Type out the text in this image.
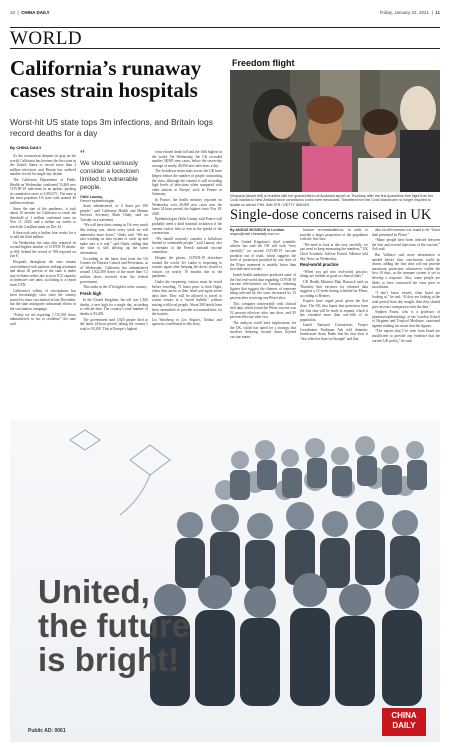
10  |  CHINA DAILY	Friday, January 22, 2021  |  11
WORLD
California’s runaway cases strain hospitals
Worst-hit US state tops 3m infections, and Britain logs record deaths for a day
By CHINA DAILY

As the coronavirus deepens its grip on the world, California has become the first state in the United States to record more than 3 million infections and Britain has suffered another record for single-day deaths.

The California Department of Public Health on Wednesday confirmed 33,460 new COVID-19 infections in an update, pushing its cumulative cases to 3,003,571. The state is the most populous US state with around 40 million residents.

Since the start of the pandemic, it took about 10 months for California to reach the threshold of 1 million confirmed cases on Nov 11, 2020, and a further six weeks to reach the 2 million mark on Dec 24.

It then took only a further four weeks for it to add the third million.

On Wednesday the state also reported its second-highest number of COVID-19 deaths, at 694, behind the record of 708 reported on Jan 8.

Hospitals throughout the state remain overwhelmed with patients seeking treatment and about 40 percent of the state is under stay-at-home orders due to poor ICU capacity in intensive care units, according to a report from CNN.

California’s rollout of vaccinations has been frustratingly slow since the country started its mass vaccination in late December, but the state anticipates substantial efforts in the vaccination campaign.

“Today we are reporting 1,725,903 doses administered, so far, to residents,” the state said.

“
We should seriously consider a lockdown limited to vulnerable people.
Ottile Launay,
French epidemiologist

doses administered, or 4 doses per 100 people,” said California Health and Human Services Secretary Mark Ghaly said on Tuesday in a statement.

“We will have data coming in 10s very much like testing was, where every week we will administer more doses,” Ghaly said. “We are also working on data system to catch up and make sure it is real,” said Ghaly, adding that the state is still tallying up the latest information.

According to the latest data from the US Centers for Disease Control and Prevention, as of Wednesday, California has administered around 1,922,300 doses of the more than 5.2 million doses received from the federal government.

This ranks as the 47th highest in the country.

Fresh high

In the United Kingdom, the toll was 1,820 deaths, a new high for a single day, according to official data. The country’s total number of deaths is 93,290.

The government said 1,820 people died in the latest 24-hour period, taking the country’s total to 93,290. This is Europe’s highest

virus-related death toll and the fifth highest in the world. On Wednesday, the UK recorded another 38,905 new cases, below the seven-day average of nearly 40,000 new infections a day.

The lockdown restrictions across the UK have helped reduce the number of people contracting the virus, although the country is still recording high levels of infections when compared with other nations in Europe, such as France or Germany.

In France, the health ministry reported on Wednesday over 26,900 new cases over the latest 24-hour period, the highest since Nov 18, 2020.

Epidemiologist Ottile Launay said France will probably need a third national lockdown if the current curfew fails to rein in the spread of the coronavirus.

“We should seriously consider a lockdown limited to vulnerable people,” said Launay, also a member of the French national vaccine committee.

Despite the gloom, COVID-19 elsewhere around the world, Sri Lanka is reopening to tourists again after keeping the doors closed to visitors for nearly 10 months due to the pandemic.

Under the reopening, visitors must be tested before traveling, 72 hours prior to their flight, when they arrive at their hotel and again seven days later. They will be allowed to travel to tourist venues in a “travel bubble,” without mixing with local people. About 500 hotels have been earmarked to provide accommodation for the tourists.

Liu Wenzheng in Los Angeles, Xinhua and agencies contributed to this story.

Freedom flight
Vinayana (above left) is reunited with her grandchildren at Auckland airport on Thursday after the first quarantine-free flight from the Cook Islands to New Zealand since coronavirus curbs were introduced. Travellers from the Cook Islands are no longer required to isolate on arrival. PHIL WALTER / GETTY IMAGES
Single-dose concerns raised in UK
By ANGUS MCNEICE in London
angus@mail.chinadaily.com.cn

The United Kingdom’s chief scientific adviser has said the UK still took “very carefully” on second COVID-19 vaccine products out of trials, which suggests the level of protection provided by one dose of the Pfizer treatment is notably lower than first indicated in trials.

Israeli health authorities predicted some of the first real-world data regarding COVID-19 vaccine effectiveness on Tuesday, releasing figures that suggest the chances of someone being infected by the virus decreased by 33 percent after receiving one Pfizer shot.

This compares unfavorably with clinical trial data, which found the Pfizer vaccine was 52 percent effective after one dose, and 95 percent effective after two.

The analysis could have implications for the UK, which has opted for a strategy that involves delaying second doses beyond vaccine manu-

facturer recommendations, in order to provide a larger proportion of the population with the first shot.

“We need to look at this very carefully, we just need to keep measuring the numbers,” UK Chief Scientific Adviser Patrick Vallance told Sky News on Wednesday.

Real-world practice

“When you get into real-world practice, things are seldom as good as clinical trials.”

UK Health Minister Matt Hancock said on Thursday that vaccines for released data suggests a 12-week dosing schedule for Pfizer, according to Reuters.

Experts have urged proof given the first dose. The UK also hopes that protection from the first shot will be ready to expand, which it has extended more than one-fifth of its population.

Israeli National Coronavirus Project Coordinator Nachman Ash told domestic broadcaster Army Radio that the first dose is “less effective than we thought” and that

data on effectiveness was found to be “lower than presented by Pfizer.”

“Many people have been infected between the first and second injections of the vaccine,” Ash said.

But Vallance said more information is needed before firm conclusions could be drawn, adding the first dose will not provide maximum protection whatsoever within the first 10 days, as the immune system is yet to develop a response. Also, some people are likely to have contracted the virus prior to inoculation.

“I don’t know exactly what Israel are looking at,” he said. “If they are looking at the total period from day nought, then they should give an exact comparison with the data.”

Stephen Evans, who is a professor of pharmacoepidemiology at the London School of Hygiene and Tropical Medicine, cautioned against reading too much into the figures.

“The reports that I’ve seen from Israel are insufficient to provide any evidence that the current UK policy,” he said.

United,
the future
is bright!
Public AD: 0061
CHINA
DAILY
